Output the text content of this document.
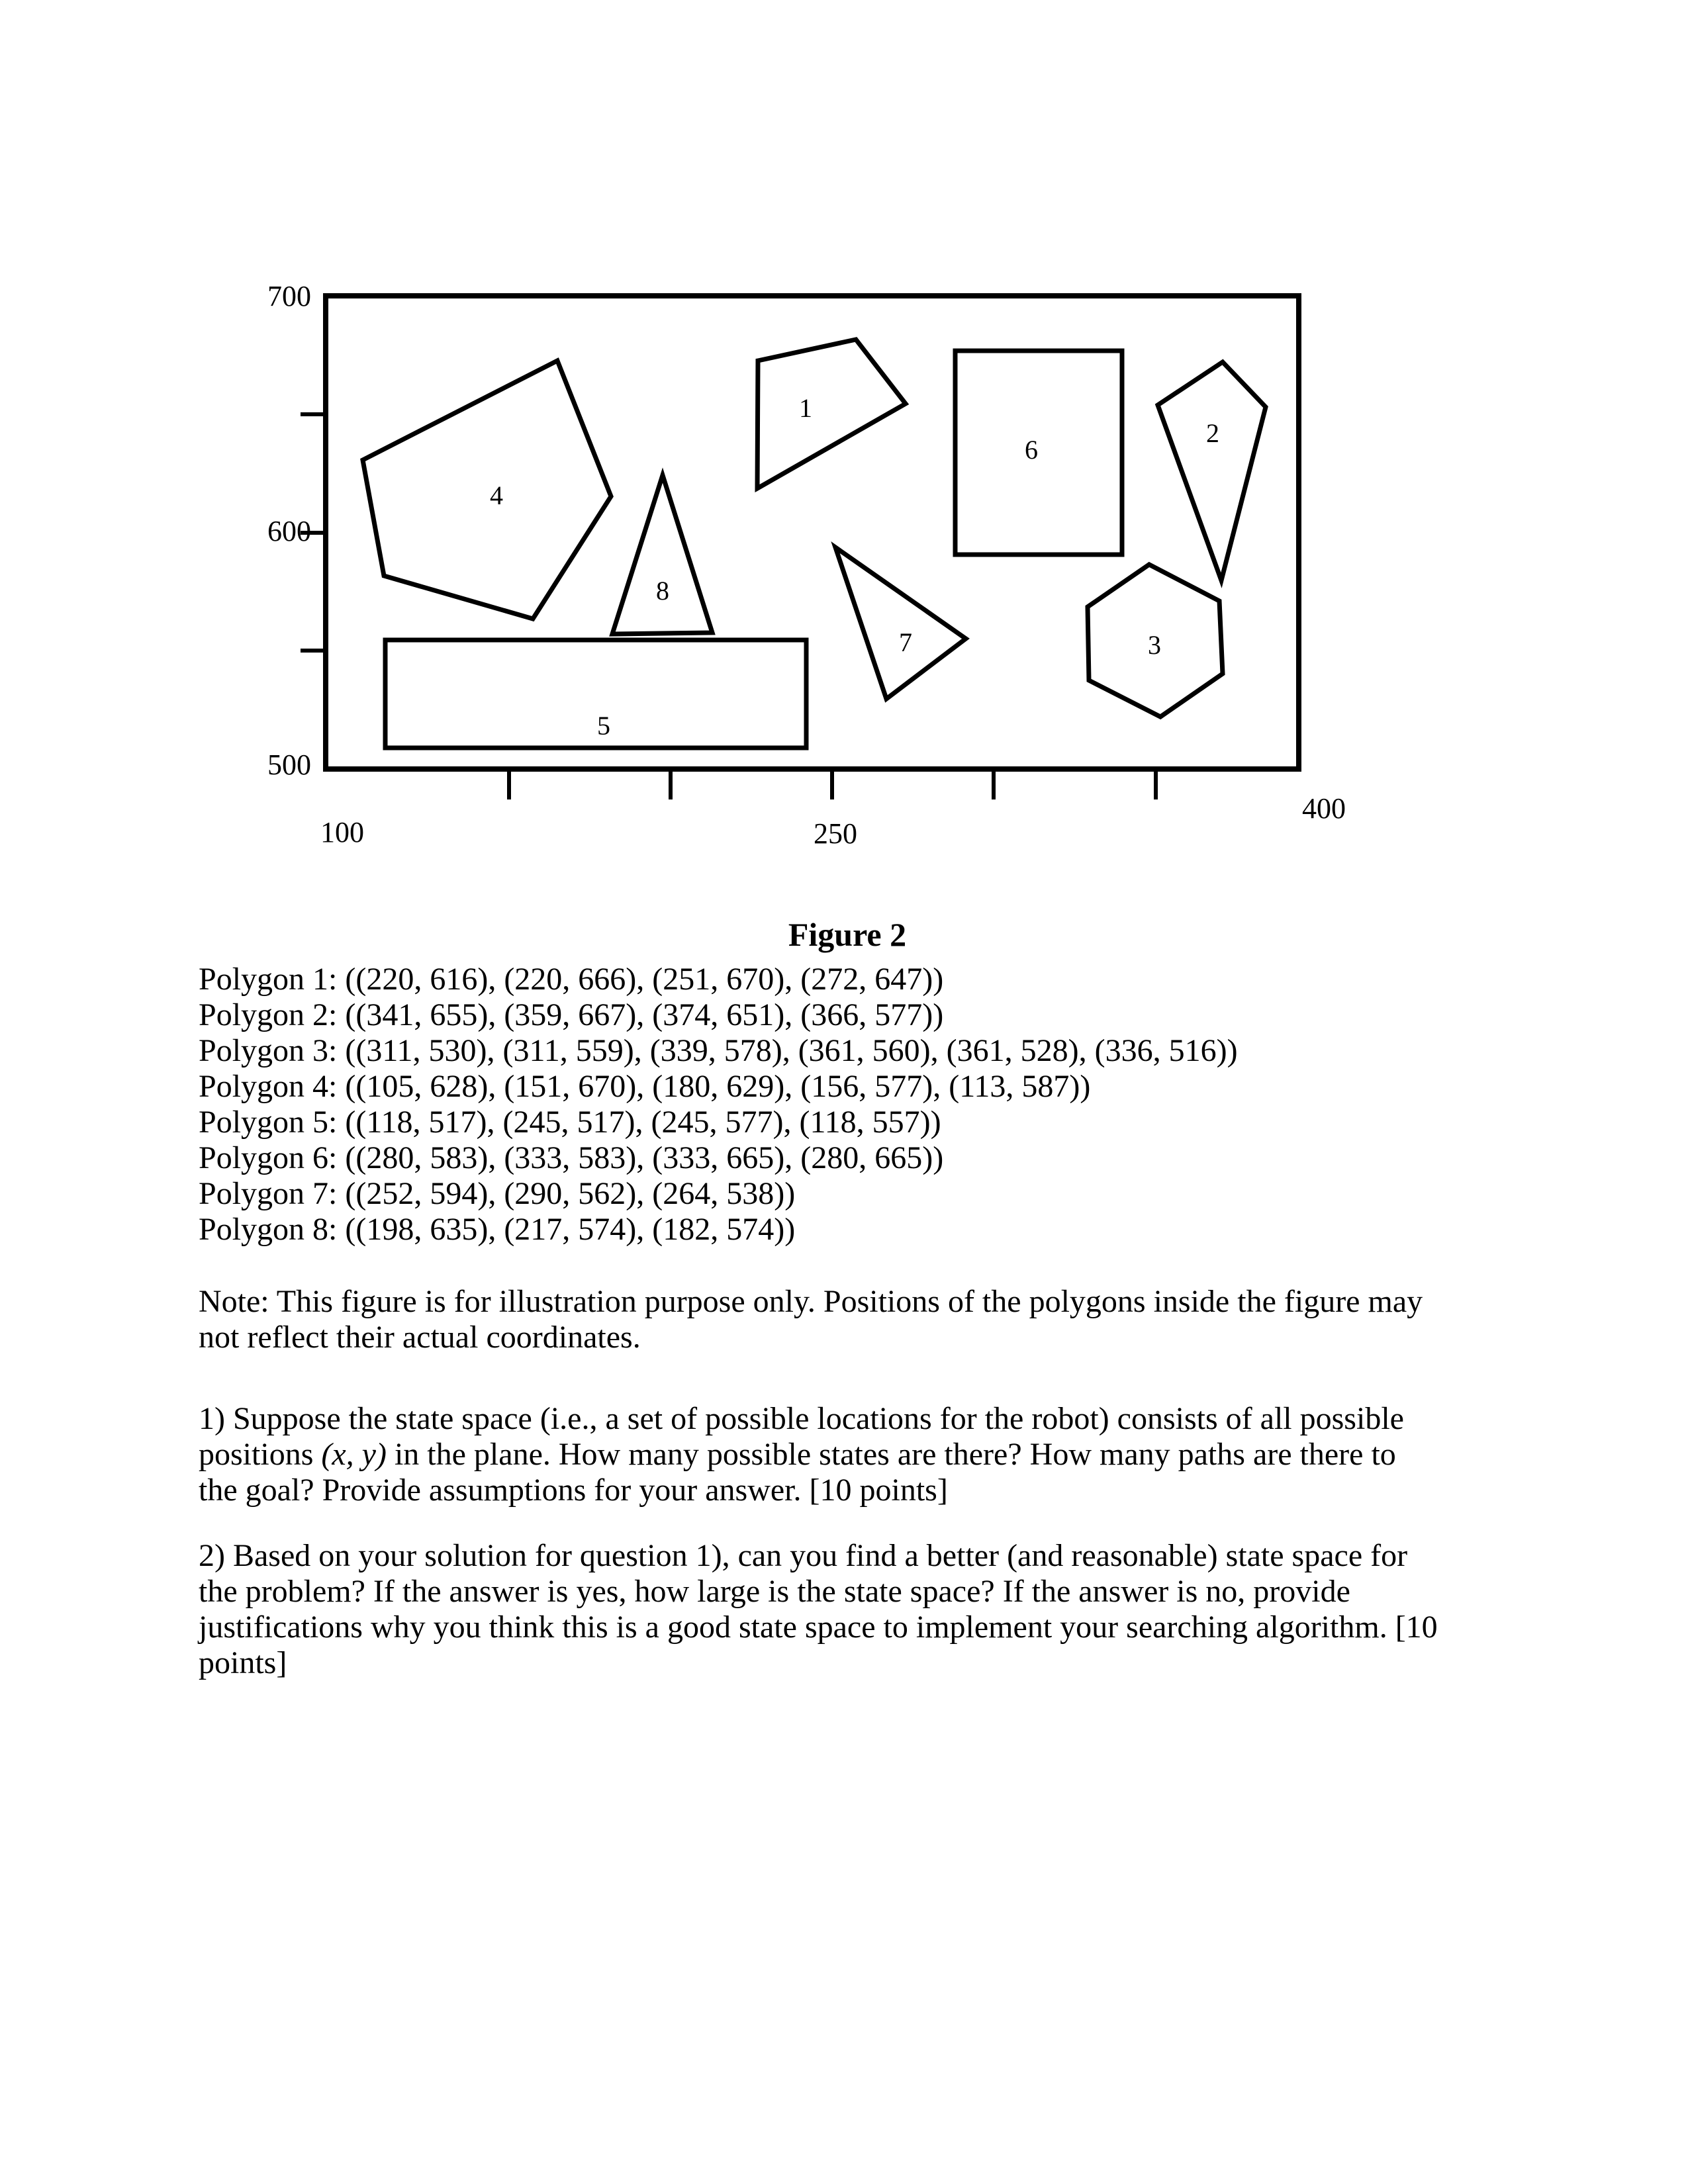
700
600
500
100	250
400
1
2
3
4
5
6
7
8
Figure 2
Polygon 1: ((220, 616), (220, 666), (251, 670), (272, 647))
Polygon 2: ((341, 655), (359, 667), (374, 651), (366, 577))
Polygon 3: ((311, 530), (311, 559), (339, 578), (361, 560), (361, 528), (336, 516))
Polygon 4: ((105, 628), (151, 670), (180, 629), (156, 577), (113, 587))
Polygon 5: ((118, 517), (245, 517), (245, 577), (118, 557))
Polygon 6: ((280, 583), (333, 583), (333, 665), (280, 665))
Polygon 7: ((252, 594), (290, 562), (264, 538))
Polygon 8: ((198, 635), (217, 574), (182, 574))
Note: This figure is for illustration purpose only. Positions of the polygons inside the figure may
not reflect their actual coordinates.
1) Suppose the state space (i.e., a set of possible locations for the robot) consists of all possible
positions (x, y) in the plane. How many possible states are there? How many paths are there to
the goal? Provide assumptions for your answer. [10 points]
2) Based on your solution for question 1), can you find a better (and reasonable) state space for
the problem? If the answer is yes, how large is the state space? If the answer is no, provide
justifications why you think this is a good state space to implement your searching algorithm. [10
points]
